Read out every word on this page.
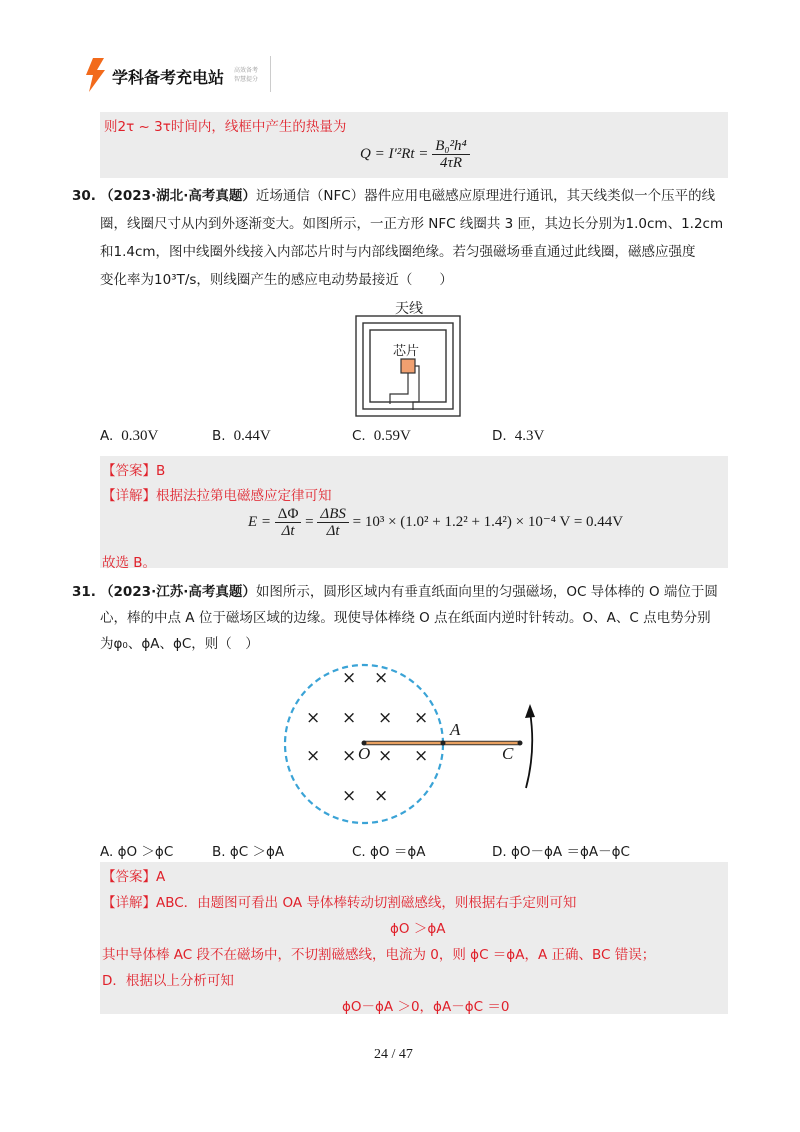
学科备考充电站 高效备考
智慧提分
则2τ ~ 3τ时间内，线框中产生的热量为
$Q = I'^2Rt = \frac{\text{B₀²h⁴}}{4\tau R}$
30. （2023·湖北·高考真题）近场通信（NFC）器件应用电磁感应原理进行通讯，其天线类似一个压平的线
圈，线圈尺寸从内到外逐渐变大。如图所示，一正方形 NFC 线圈共 3 匝，其边长分别为1.0cm、1.2cm
和1.4cm，图中线圈外线接入内部芯片时与内部线圈绝缘。若匀强磁场垂直通过此线圈，磁感应强度
变化率为10³T/s，则线圈产生的感应电动势最接近（　　）
天线
芯片
A. 0.30V	B. 0.44V	C. 0.59V	D. 4.3V
【答案】B
【详解】根据法拉第电磁感应定律可知
$E = \frac{\Delta\Phi}{\Delta t} = \frac{\text{ΔBS}}{\Delta t} = 10^3 \times (1.0^2 + 1.2^2 + 1.4^2) \times 10^{-4}$ V = 0.44V
故选 B。
31. （2023·江苏·高考真题）如图所示，圆形区域内有垂直纸面向里的匀强磁场，OC 导体棒的 O 端位于圆
心，棒的中点 A 位于磁场区域的边缘。现使导体棒绕 O 点在纸面内逆时针转动。O、A、C 点电势分别
为φ₀、ϕA、ϕC，则（　）
× ×
× × × ×
× × × ×
× ×
O
A
C
A. ϕO ＞ϕC	B. ϕC ＞ϕA	C. ϕO ＝ϕA	D. ϕO－ϕA ＝ϕA－ϕC
【答案】A
【详解】ABC．由题图可看出 OA 导体棒转动切割磁感线，则根据右手定则可知
ϕO ＞ϕA
其中导体棒 AC 段不在磁场中，不切割磁感线，电流为 0，则 ϕC ＝ϕA，A 正确、BC 错误；
D．根据以上分析可知
ϕO－ϕA ＞0，ϕA－ϕC ＝0
24 / 47
